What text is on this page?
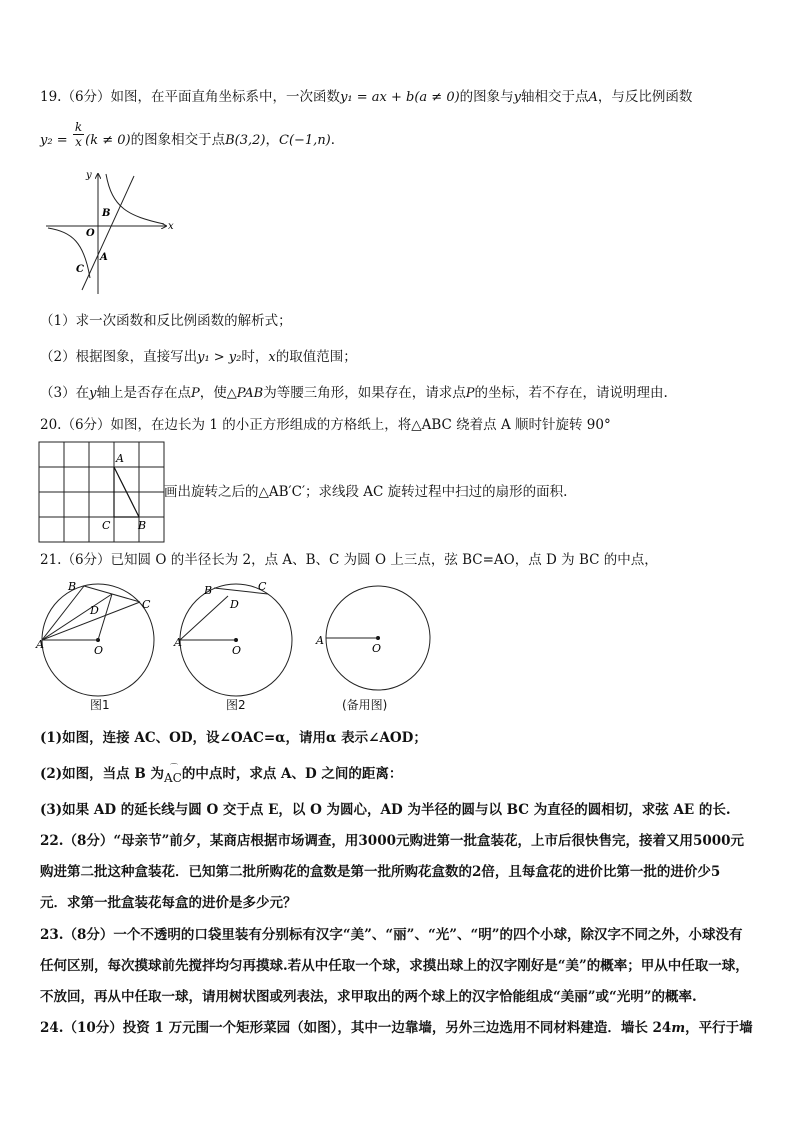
19.（6分）如图，在平面直角坐标系中，一次函数y₁ = ax + b(a ≠ 0)的图象与y轴相交于点A，与反比例函数
$y_2 = \frac{k}{x} (k \ne 0)$的图象相交于点B(3,2)，C(−1,n)．
y
x
O
B
A
C
（1）求一次函数和反比例函数的解析式；
（2）根据图象，直接写出y₁ > y₂时，x的取值范围；
（3）在y轴上是否存在点P，使△PAB为等腰三角形，如果存在，请求点P的坐标，若不存在，请说明理由.
20.（6分）如图，在边长为 1 的小正方形组成的方格纸上，将△ABC 绕着点 A 顺时针旋转 90°
A
C	B
画出旋转之后的△AB′C′；求线段 AC 旋转过程中扫过的扇形的面积.
21.（6分）已知圆 O 的半径长为 2，点 A、B、C 为圆 O 上三点，弦 BC=AO，点 D 为 BC 的中点，
B
C
D
A	O
B	C
D
A
O
A
O
图1	图2	(备用图)
(1)如图，连接 AC、OD，设∠OAC=α，请用α 表示∠AOD；
(2)如图，当点 B 为 ⌒
AC的中点时，求点 A、D 之间的距离：
(3)如果 AD 的延长线与圆 O 交于点 E，以 O 为圆心，AD 为半径的圆与以 BC 为直径的圆相切，求弦 AE 的长.
22.（8分）“母亲节”前夕，某商店根据市场调查，用3000元购进第一批盒装花，上市后很快售完，接着又用5000元
购进第二批这种盒装花．已知第二批所购花的盒数是第一批所购花盒数的2倍，且每盒花的进价比第一批的进价少5
元．求第一批盒装花每盒的进价是多少元？
23.（8分）一个不透明的口袋里装有分别标有汉字“美”、“丽”、“光”、“明”的四个小球，除汉字不同之外，小球没有
任何区别，每次摸球前先搅拌均匀再摸球.若从中任取一个球，求摸出球上的汉字刚好是“美”的概率；甲从中任取一球，
不放回，再从中任取一球，请用树状图或列表法，求甲取出的两个球上的汉字恰能组成“美丽”或“光明”的概率.
24.（10分）投资 1 万元围一个矩形菜园（如图），其中一边靠墙，另外三边选用不同材料建造．墙长 24m，平行于墙
